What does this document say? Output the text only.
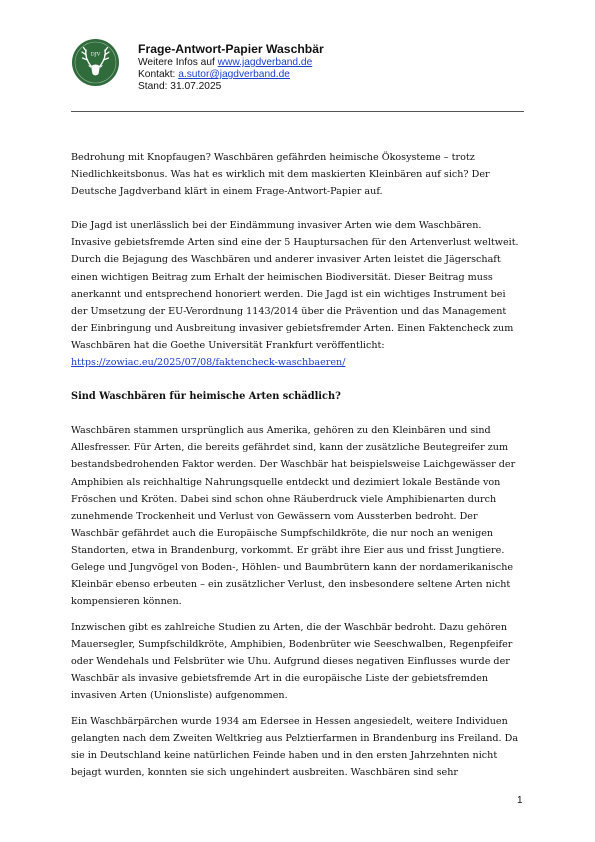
DJV	Frage-Antwort-Papier Waschbär
Weitere Infos auf www.jagdverband.de
Kontakt: a.sutor@jagdverband.de
Stand: 31.07.2025

Bedrohung mit Knopfaugen? Waschbären gefährden heimische Ökosysteme – trotz
Niedlichkeitsbonus. Was hat es wirklich mit dem maskierten Kleinbären auf sich? Der
Deutsche Jagdverband klärt in einem Frage-Antwort-Papier auf.

Die Jagd ist unerlässlich bei der Eindämmung invasiver Arten wie dem Waschbären.
Invasive gebietsfremde Arten sind eine der 5 Hauptursachen für den Artenverlust weltweit.
Durch die Bejagung des Waschbären und anderer invasiver Arten leistet die Jägerschaft
einen wichtigen Beitrag zum Erhalt der heimischen Biodiversität. Dieser Beitrag muss
anerkannt und entsprechend honoriert werden. Die Jagd ist ein wichtiges Instrument bei
der Umsetzung der EU-Verordnung 1143/2014 über die Prävention und das Management
der Einbringung und Ausbreitung invasiver gebietsfremder Arten. Einen Faktencheck zum
Waschbären hat die Goethe Universität Frankfurt veröffentlicht:
https://zowiac.eu/2025/07/08/faktencheck-waschbaeren/

Sind Waschbären für heimische Arten schädlich?

Waschbären stammen ursprünglich aus Amerika, gehören zu den Kleinbären und sind
Allesfresser. Für Arten, die bereits gefährdet sind, kann der zusätzliche Beutegreifer zum
bestandsbedrohenden Faktor werden. Der Waschbär hat beispielsweise Laichgewässer der
Amphibien als reichhaltige Nahrungsquelle entdeckt und dezimiert lokale Bestände von
Fröschen und Kröten. Dabei sind schon ohne Räuberdruck viele Amphibienarten durch
zunehmende Trockenheit und Verlust von Gewässern vom Aussterben bedroht. Der
Waschbär gefährdet auch die Europäische Sumpfschildkröte, die nur noch an wenigen
Standorten, etwa in Brandenburg, vorkommt. Er gräbt ihre Eier aus und frisst Jungtiere.
Gelege und Jungvögel von Boden-, Höhlen- und Baumbrütern kann der nordamerikanische
Kleinbär ebenso erbeuten – ein zusätzlicher Verlust, den insbesondere seltene Arten nicht
kompensieren können.

Inzwischen gibt es zahlreiche Studien zu Arten, die der Waschbär bedroht. Dazu gehören
Mauersegler, Sumpfschildkröte, Amphibien, Bodenbrüter wie Seeschwalben, Regenpfeifer
oder Wendehals und Felsbrüter wie Uhu. Aufgrund dieses negativen Einflusses wurde der
Waschbär als invasive gebietsfremde Art in die europäische Liste der gebietsfremden
invasiven Arten (Unionsliste) aufgenommen.

Ein Waschbärpärchen wurde 1934 am Edersee in Hessen angesiedelt, weitere Individuen
gelangten nach dem Zweiten Weltkrieg aus Pelztierfarmen in Brandenburg ins Freiland. Da
sie in Deutschland keine natürlichen Feinde haben und in den ersten Jahrzehnten nicht
bejagt wurden, konnten sie sich ungehindert ausbreiten. Waschbären sind sehr

1
